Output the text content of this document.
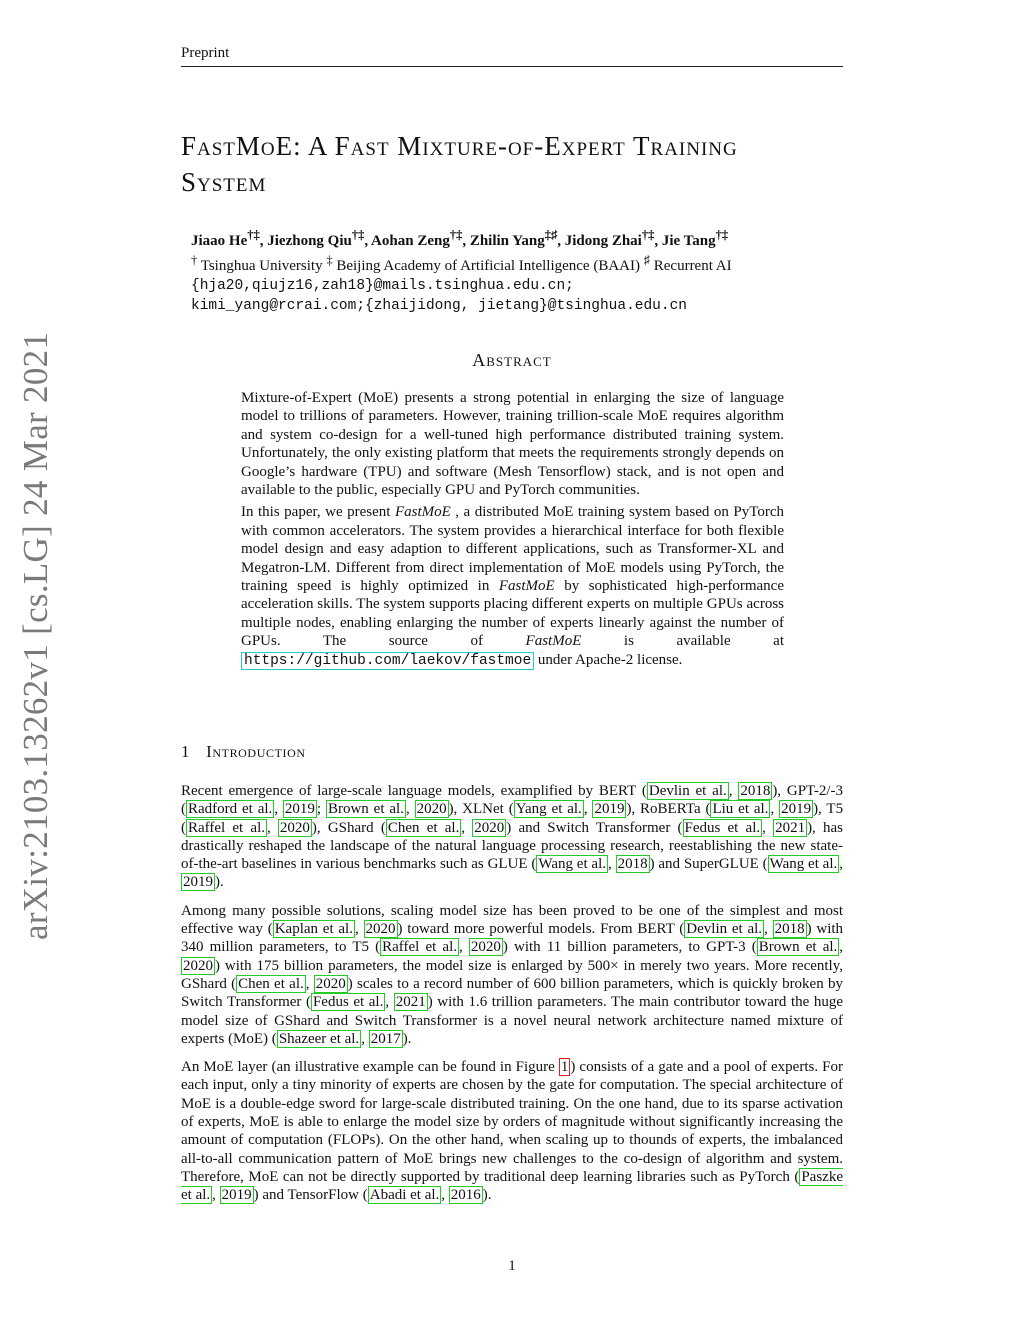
Preprint
arXiv:2103.13262v1 [cs.LG] 24 Mar 2021
FastMoE: A Fast Mixture-of-Expert Training
System
Jiaao He†‡, Jiezhong Qiu†‡, Aohan Zeng†‡, Zhilin Yang‡♯, Jidong Zhai†‡, Jie Tang†‡
† Tsinghua University ‡ Beijing Academy of Artificial Intelligence (BAAI) ♯ Recurrent AI
{hja20,qiujz16,zah18}@mails.tsinghua.edu.cn;
kimi_yang@rcrai.com;{zhaijidong, jietang}@tsinghua.edu.cn
Abstract

Mixture-of-Expert (MoE) presents a strong potential in enlarging the size of language model to trillions of parameters. However, training trillion-scale MoE requires algorithm and system co-design for a well-tuned high performance distributed training system. Unfortunately, the only existing platform that meets the requirements strongly depends on Google’s hardware (TPU) and software (Mesh Tensorflow) stack, and is not open and available to the public, especially GPU and PyTorch communities.

In this paper, we present FastMoE , a distributed MoE training system based on PyTorch with common accelerators. The system provides a hierarchical interface for both flexible model design and easy adaption to different applications, such as Transformer-XL and Megatron-LM. Different from direct implementation of MoE models using PyTorch, the training speed is highly optimized in FastMoE by sophisticated high-performance acceleration skills. The system supports placing different experts on multiple GPUs across multiple nodes, enabling enlarging the number of experts linearly against the number of GPUs. The source of FastMoE is available at https://github.com/laekov/fastmoe under Apache-2 license.

1 Introduction

Recent emergence of large-scale language models, examplified by BERT ( Devlin et al. , 2018 ), GPT-2/-3 ( Radford et al. , 2019 ; Brown et al. , 2020 ), XLNet ( Yang et al. , 2019 ), RoBERTa ( Liu et al. , 2019 ), T5 ( Raffel et al. , 2020 ), GShard ( Chen et al. , 2020 ) and Switch Transformer ( Fedus et al. , 2021 ), has drastically reshaped the landscape of the natural language processing research, reestablishing the new state-of-the-art baselines in various benchmarks such as GLUE ( Wang et al. , 2018 ) and SuperGLUE ( Wang et al. , 2019 ).

Among many possible solutions, scaling model size has been proved to be one of the simplest and most effective way ( Kaplan et al. , 2020 ) toward more powerful models. From BERT ( Devlin et al. , 2018 ) with 340 million parameters, to T5 ( Raffel et al. , 2020 ) with 11 billion parameters, to GPT-3 ( Brown et al. , 2020 ) with 175 billion parameters, the model size is enlarged by 500× in merely two years. More recently, GShard ( Chen et al. , 2020 ) scales to a record number of 600 billion parameters, which is quickly broken by Switch Transformer ( Fedus et al. , 2021 ) with 1.6 trillion parameters. The main contributor toward the huge model size of GShard and Switch Transformer is a novel neural network architecture named mixture of experts (MoE) ( Shazeer et al. , 2017 ).

An MoE layer (an illustrative example can be found in Figure 1 ) consists of a gate and a pool of experts. For each input, only a tiny minority of experts are chosen by the gate for computation. The special architecture of MoE is a double-edge sword for large-scale distributed training. On the one hand, due to its sparse activation of experts, MoE is able to enlarge the model size by orders of magnitude without significantly increasing the amount of computation (FLOPs). On the other hand, when scaling up to thounds of experts, the imbalanced all-to-all communication pattern of MoE brings new challenges to the co-design of algorithm and system. Therefore, MoE can not be directly supported by traditional deep learning libraries such as PyTorch ( Paszke et al. , 2019 ) and TensorFlow ( Abadi et al. , 2016 ).

1
